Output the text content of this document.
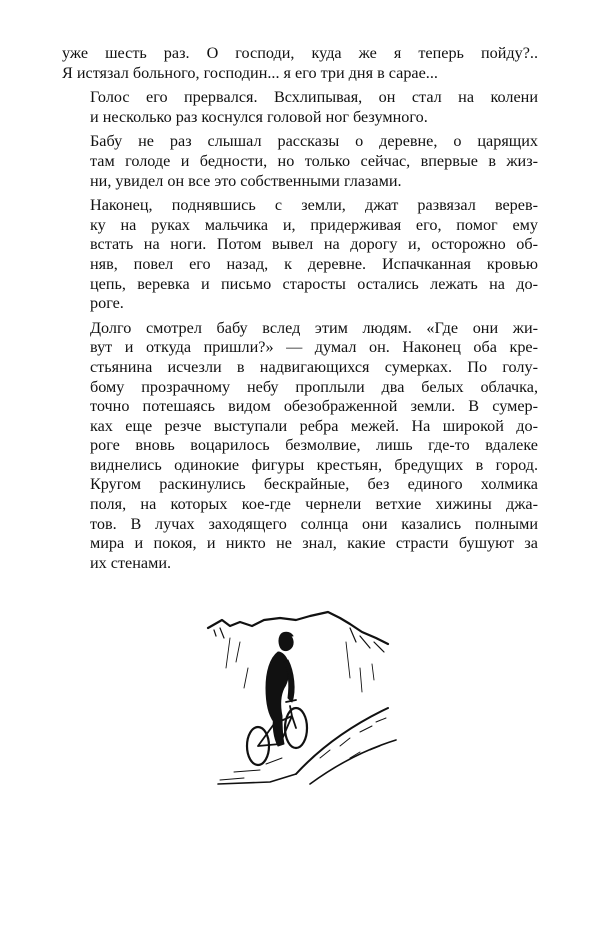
уже шесть раз. О господи, куда же я теперь пойду?..
Я истязал больного, господин... я его три дня в сарае...

Голос его прервался. Всхлипывая, он стал на колени
и несколько раз коснулся головой ног безумного.

Бабу не раз слышал рассказы о деревне, о царящих
там голоде и бедности, но только сейчас, впервые в жиз-
ни, увидел он все это собственными глазами.

Наконец, поднявшись с земли, джат развязал верев-
ку на руках мальчика и, придерживая его, помог ему
встать на ноги. Потом вывел на дорогу и, осторожно об-
няв, повел его назад, к деревне. Испачканная кровью
цепь, веревка и письмо старосты остались лежать на до-
роге.

Долго смотрел бабу вслед этим людям. «Где они жи-
вут и откуда пришли?» — думал он. Наконец оба кре-
стьянина исчезли в надвигающихся сумерках. По голу-
бому прозрачному небу проплыли два белых облачка,
точно потешаясь видом обезображенной земли. В сумер-
ках еще резче выступали ребра межей. На широкой до-
роге вновь воцарилось безмолвие, лишь где-то вдалеке
виднелись одинокие фигуры крестьян, бредущих в город.
Кругом раскинулись бескрайные, без единого холмика
поля, на которых кое-где чернели ветхие хижины джа-
тов. В лучах заходящего солнца они казались полными
мира и покоя, и никто не знал, какие страсти бушуют за
их стенами.
